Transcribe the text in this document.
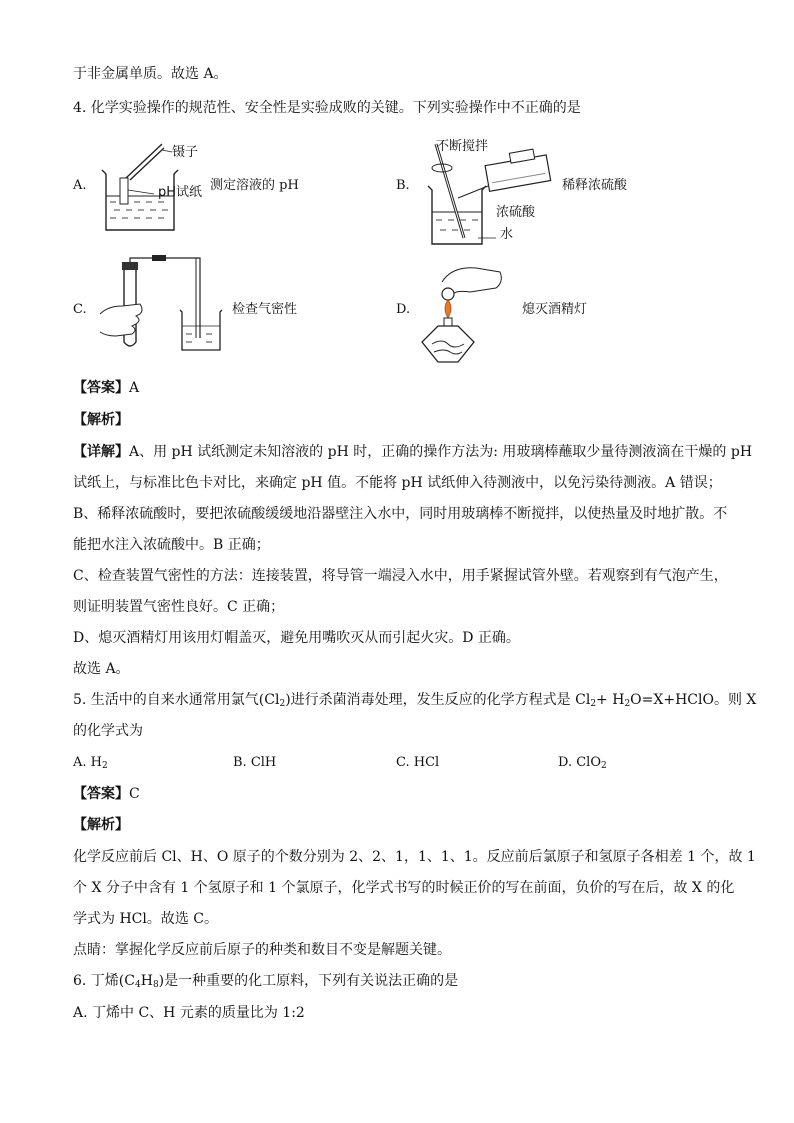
于非金属单质。故选 A。
4. 化学实验操作的规范性、安全性是实验成败的关键。下列实验操作中不正确的是
A.
镊子
pH试纸 测定溶液的 pH	B.
不断搅拌
稀释浓硫酸
浓硫酸
水
C.	检查气密性	D.	熄灭酒精灯
【答案】A
【解析】
【详解】A、用 pH 试纸测定未知溶液的 pH 时，正确的操作方法为: 用玻璃棒蘸取少量待测液滴在干燥的 pH
试纸上，与标准比色卡对比，来确定 pH 值。不能将 pH 试纸伸入待测液中，以免污染待测液。A 错误；
B、稀释浓硫酸时，要把浓硫酸缓缓地沿器壁注入水中，同时用玻璃棒不断搅拌，以使热量及时地扩散。不
能把水注入浓硫酸中。B 正确；
C、检查装置气密性的方法：连接装置，将导管一端浸入水中，用手紧握试管外壁。若观察到有气泡产生，
则证明装置气密性良好。C 正确；
D、熄灭酒精灯用该用灯帽盖灭，避免用嘴吹灭从而引起火灾。D 正确。
故选 A。
5. 生活中的自来水通常用氯气$(Cl_2)$进行杀菌消毒处理，发生反应的化学方程式是 $Cl_2+$ $H_2O=X+HClO$。则 X
的化学式为
A. $H_2$	B. ClH	C. HCl	D. ClO$_2$
【答案】C
【解析】
化学反应前后 Cl、H、O 原子的个数分别为 2、2、1，1、1、1。反应前后氯原子和氢原子各相差 1 个，故 1
个 X 分子中含有 1 个氢原子和 1 个氯原子，化学式书写的时候正价的写在前面，负价的写在后，故 X 的化
学式为 HCl。故选 C。
点睛：掌握化学反应前后原子的种类和数目不变是解题关键。
6. 丁烯$(C_4H_8)$是一种重要的化工原料，下列有关说法正确的是
A. 丁烯中 C、H 元素的质量比为 1:2
